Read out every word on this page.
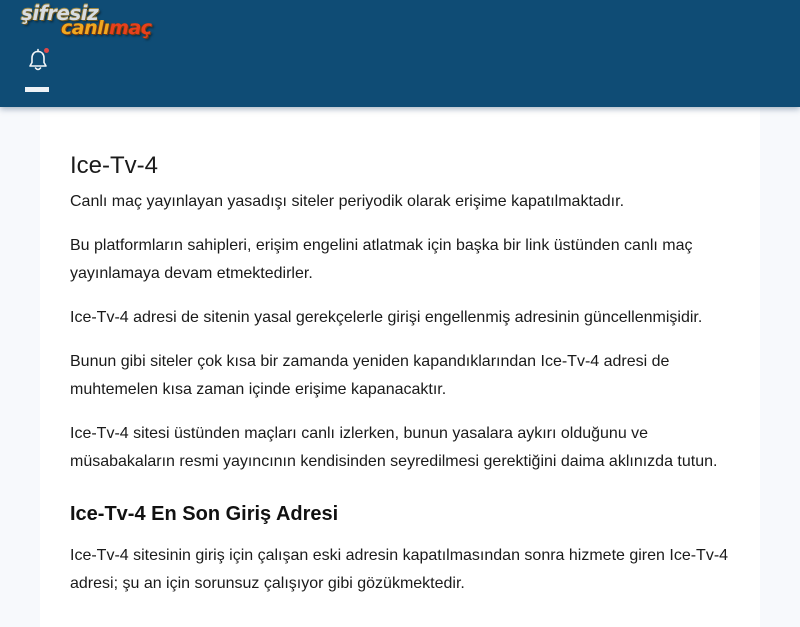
şifresiz
canlımaç
Ice-Tv-4

Canlı maç yayınlayan yasadışı siteler periyodik olarak erişime kapatılmaktadır.

Bu platformların sahipleri, erişim engelini atlatmak için başka bir link üstünden canlı maç yayınlamaya devam etmektedirler.

Ice-Tv-4 adresi de sitenin yasal gerekçelerle girişi engellenmiş adresinin güncellenmişidir.

Bunun gibi siteler çok kısa bir zamanda yeniden kapandıklarından Ice-Tv-4 adresi de muhtemelen kısa zaman içinde erişime kapanacaktır.

Ice-Tv-4 sitesi üstünden maçları canlı izlerken, bunun yasalara aykırı olduğunu ve müsabakaların resmi yayıncının kendisinden seyredilmesi gerektiğini daima aklınızda tutun.

Ice-Tv-4 En Son Giriş Adresi

Ice-Tv-4 sitesinin giriş için çalışan eski adresin kapatılmasından sonra hizmete giren Ice-Tv-4 adresi; şu an için sorunsuz çalışıyor gibi gözükmektedir.
